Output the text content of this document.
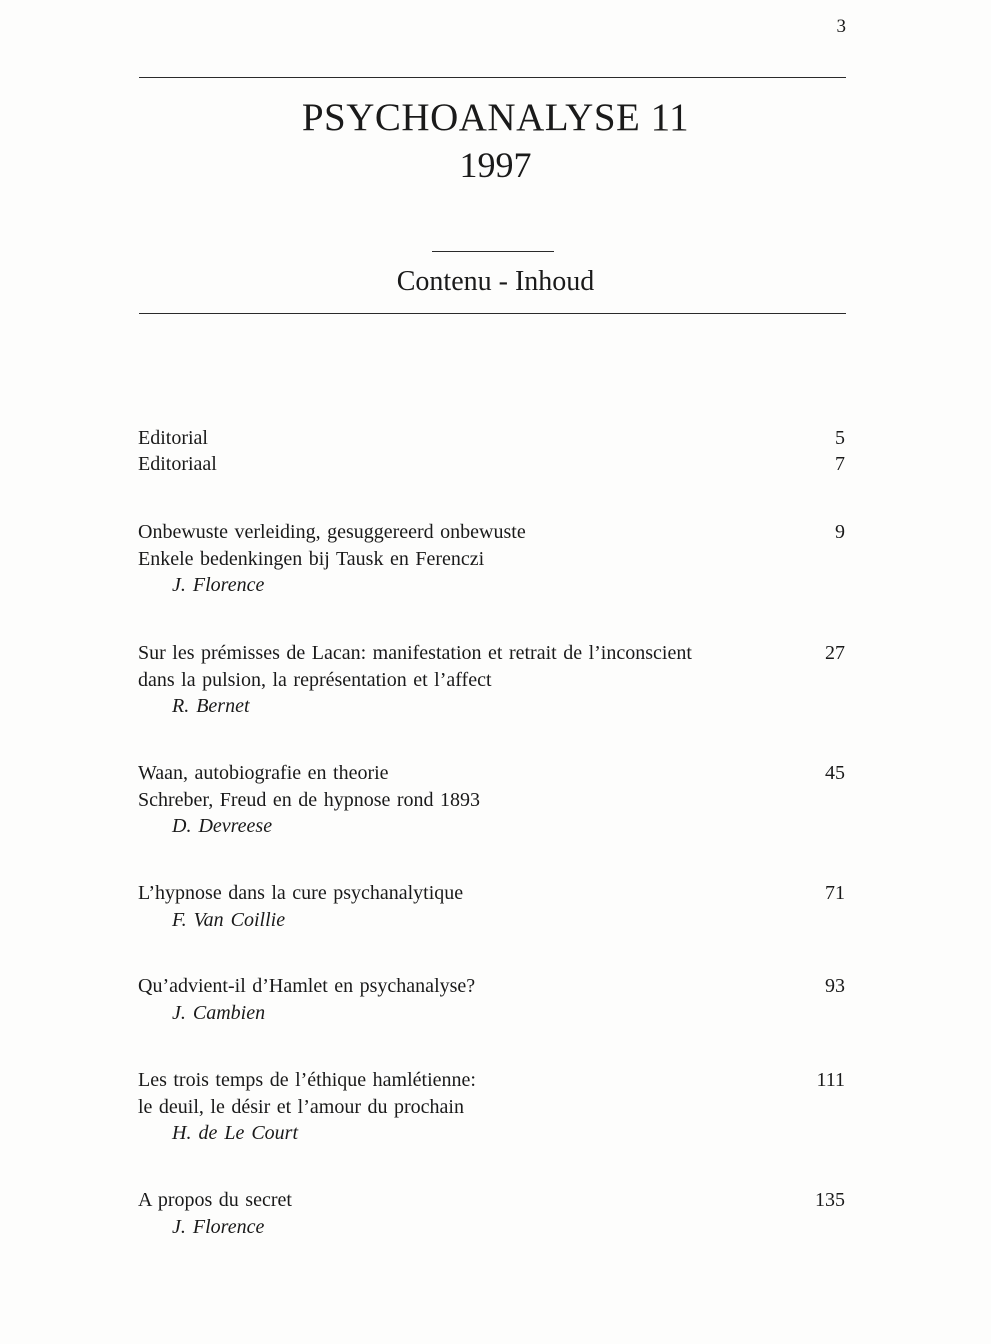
3
PSYCHOANALYSE 11
1997
Contenu - Inhoud
Editorial	5
Editoriaal	7
Onbewuste verleiding, gesuggereerd onbewuste
Enkele bedenkingen bij Tausk en Ferenczi
J. Florence
9
Sur les prémisses de Lacan: manifestation et retrait de l’inconscient
dans la pulsion, la représentation et l’affect
R. Bernet
27
Waan, autobiografie en theorie
Schreber, Freud en de hypnose rond 1893
D. Devreese
45
L’hypnose dans la cure psychanalytique
F. Van Coillie
71
Qu’advient-il d’Hamlet en psychanalyse?
J. Cambien
93
Les trois temps de l’éthique hamlétienne:
le deuil, le désir et l’amour du prochain
H. de Le Court
111
A propos du secret
J. Florence
135
